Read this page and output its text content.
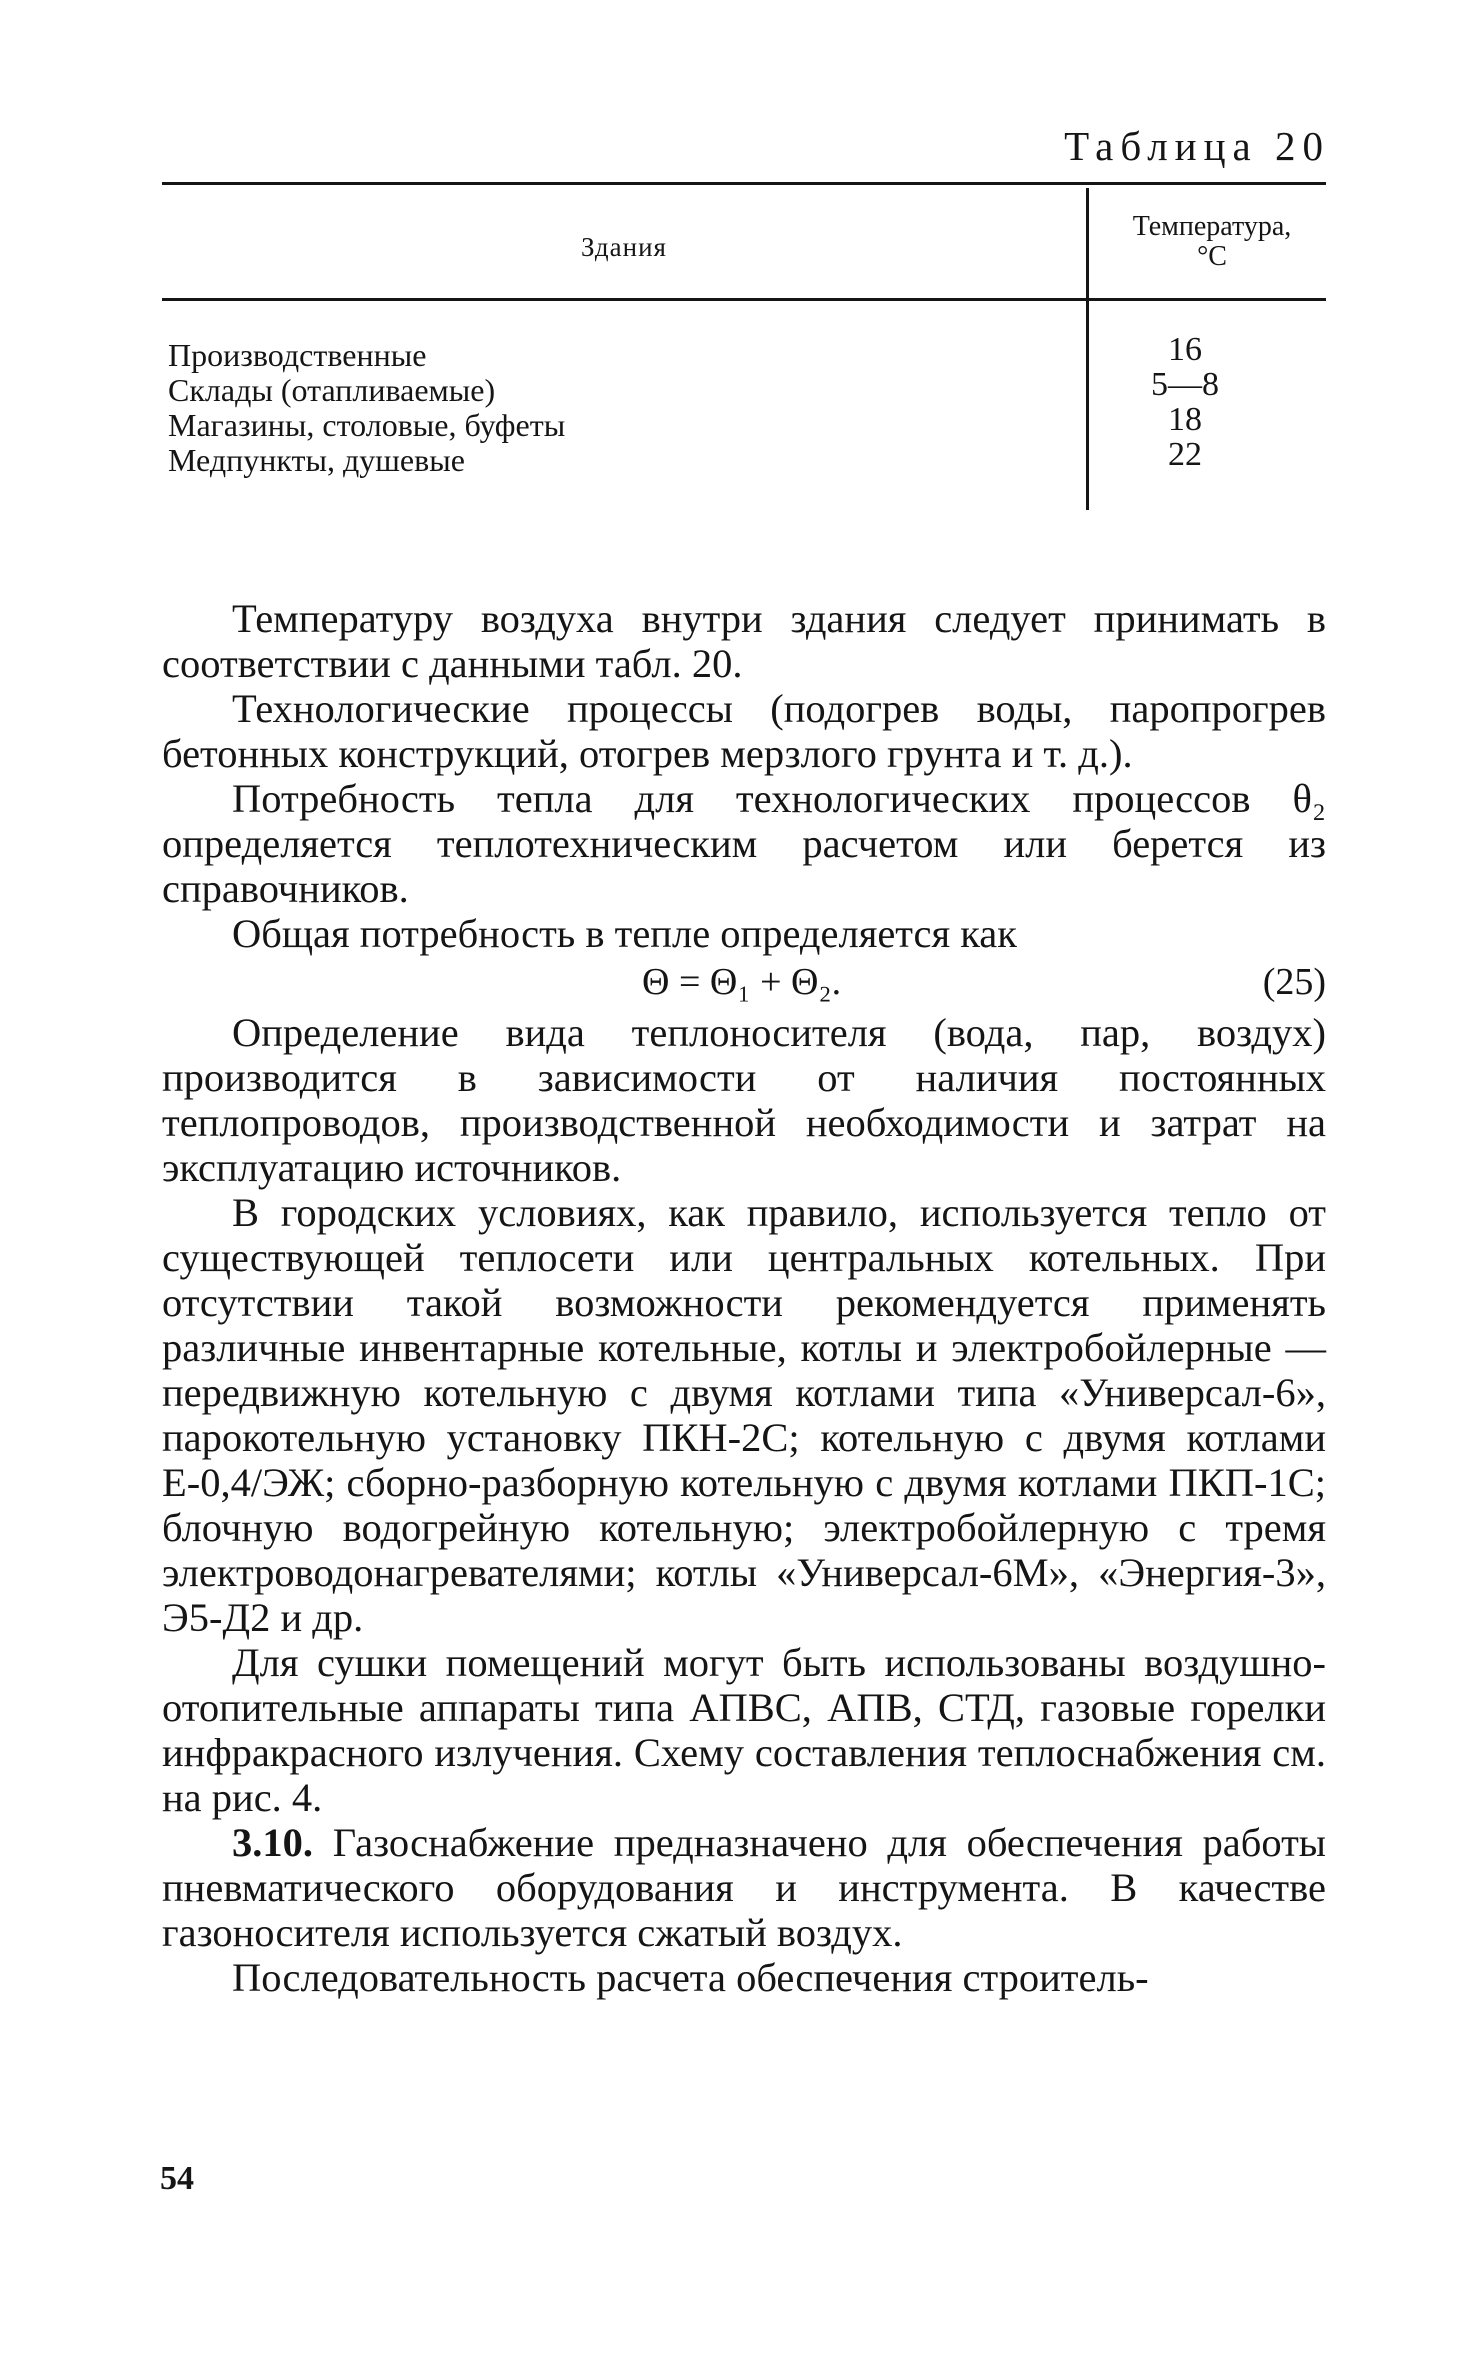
Таблица 20
Здания
Температура,
°C
Производственные
Склады (отапливаемые)
Магазины, столовые, буфеты
Медпункты, душевые
16
5—8
18
22

Температуру воздуха внутри здания следует принимать в соответствии с данными табл. 20.

Технологические процессы (подогрев воды, паропрогрев бетонных конструкций, отогрев мерзлого грунта и т. д.).

Потребность тепла для технологических процессов θ₂ определяется теплотехническим расчетом или берется из справочников.

Общая потребность в тепле определяется как

Θ = Θ₁ + Θ₂.	(25)

Определение вида теплоносителя (вода, пар, воздух) производится в зависимости от наличия постоянных теплопроводов, производственной необходимости и затрат на эксплуатацию источников.

В городских условиях, как правило, используется тепло от существующей теплосети или центральных котельных. При отсутствии такой возможности рекомендуется применять различные инвентарные котельные, котлы и электробойлерные — передвижную котельную с двумя котлами типа «Универсал-6», парокотельную установку ПКН-2С; котельную с двумя котлами Е-0,4/ЭЖ; сборно-разборную котельную с двумя котлами ПКП-1С; блочную водогрейную котельную; электробойлерную с тремя электроводонагревателями; котлы «Универсал-6М», «Энергия-3», Э5-Д2 и др.

Для сушки помещений могут быть использованы воздушно-отопительные аппараты типа АПВС, АПВ, СТД, газовые горелки инфракрасного излучения. Схему составления теплоснабжения см. на рис. 4.

3.10. Газоснабжение предназначено для обеспечения работы пневматического оборудования и инструмента. В качестве газоносителя используется сжатый воздух.

Последовательность расчета обеспечения строитель-

54
